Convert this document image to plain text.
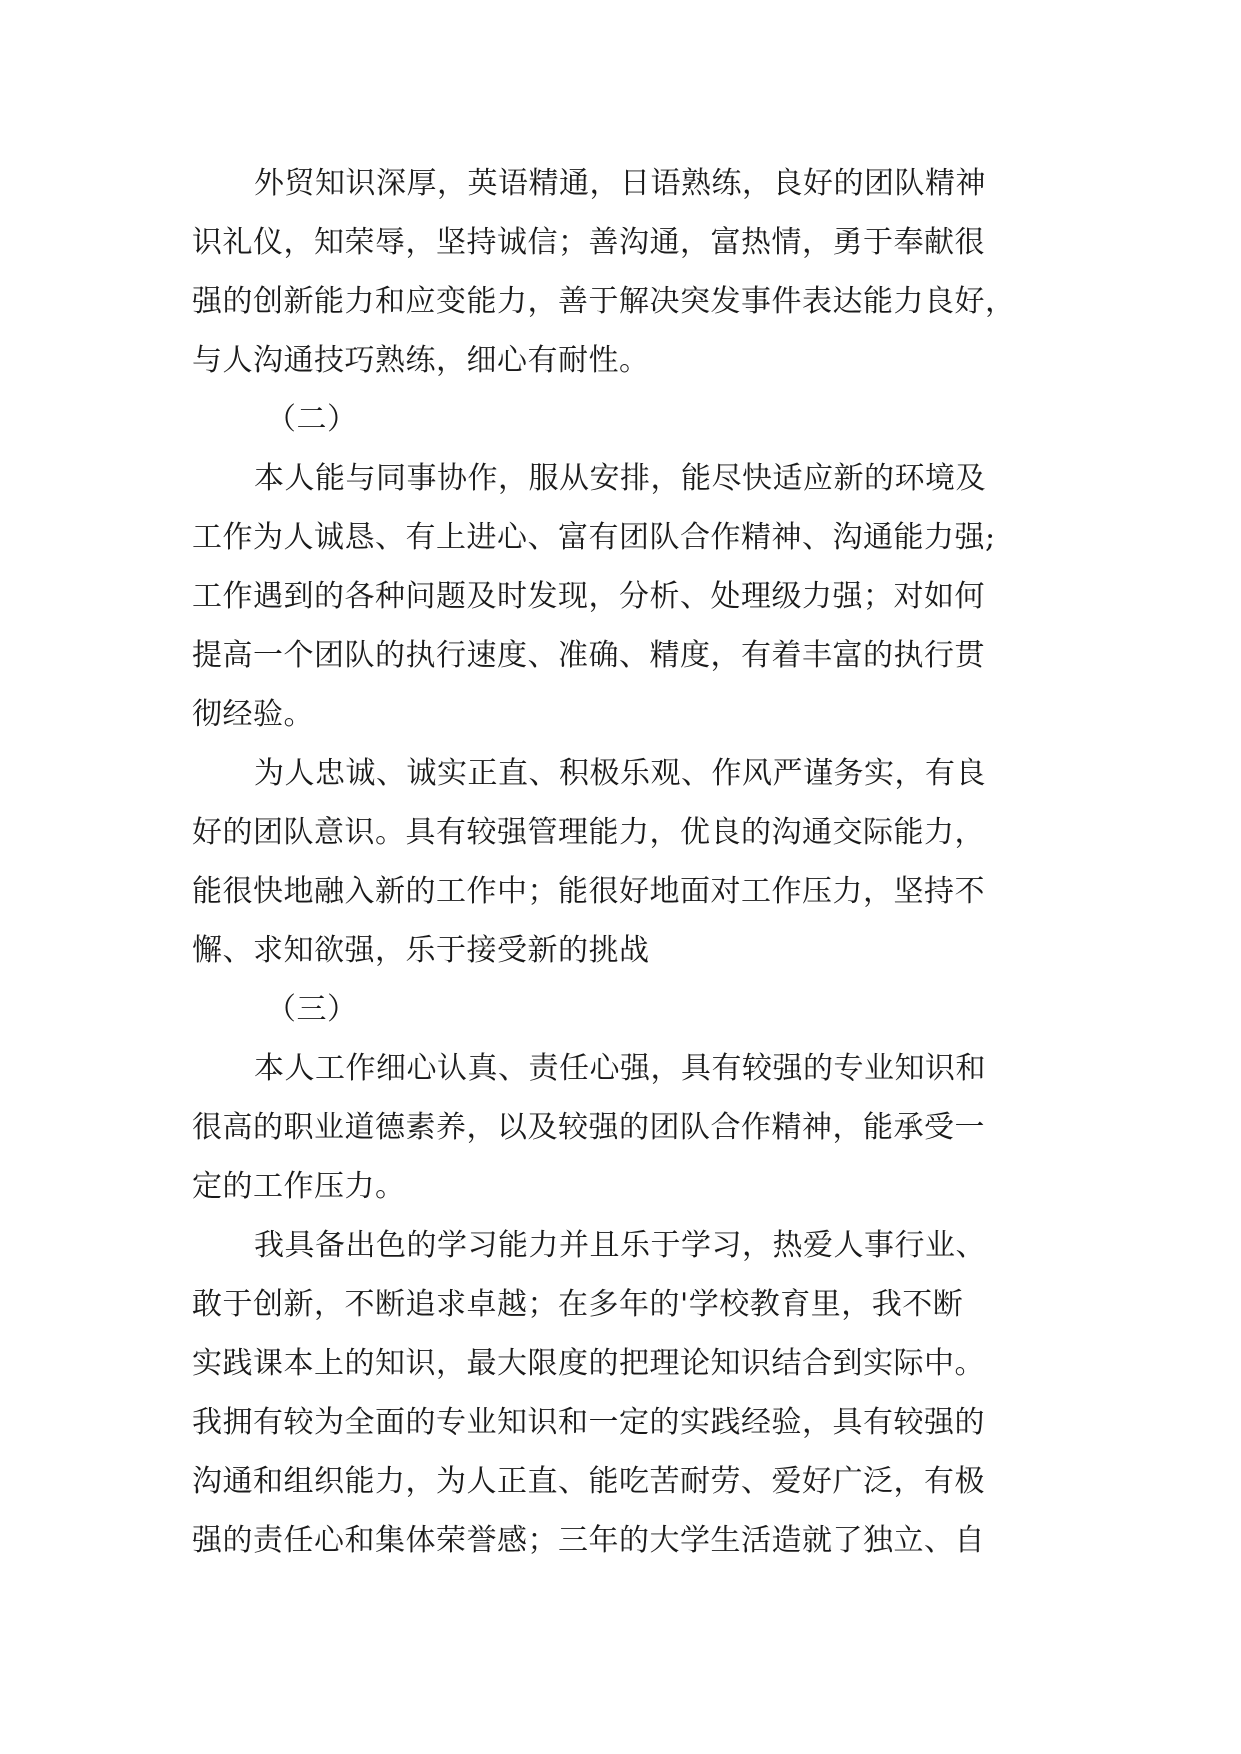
外贸知识深厚，英语精通，日语熟练，良好的团队精神
识礼仪，知荣辱，坚持诚信；善沟通，富热情，勇于奉献很
强的创新能力和应变能力，善于解决突发事件表达能力良好，
与人沟通技巧熟练，细心有耐性。
（二）
本人能与同事协作，服从安排，能尽快适应新的环境及
工作为人诚恳、有上进心、富有团队合作精神、沟通能力强;
工作遇到的各种问题及时发现，分析、处理级力强；对如何
提高一个团队的执行速度、准确、精度，有着丰富的执行贯
彻经验。
为人忠诚、诚实正直、积极乐观、作风严谨务实，有良
好的团队意识。具有较强管理能力，优良的沟通交际能力，
能很快地融入新的工作中；能很好地面对工作压力，坚持不
懈、求知欲强，乐于接受新的挑战
（三）
本人工作细心认真、责任心强，具有较强的专业知识和
很高的职业道德素养，以及较强的团队合作精神，能承受一
定的工作压力。
我具备出色的学习能力并且乐于学习，热爱人事行业、
敢于创新，不断追求卓越；在多年的'学校教育里，我不断
实践课本上的知识，最大限度的把理论知识结合到实际中。
我拥有较为全面的专业知识和一定的实践经验，具有较强的
沟通和组织能力，为人正直、能吃苦耐劳、爱好广泛，有极
强的责任心和集体荣誉感；三年的大学生活造就了独立、自
